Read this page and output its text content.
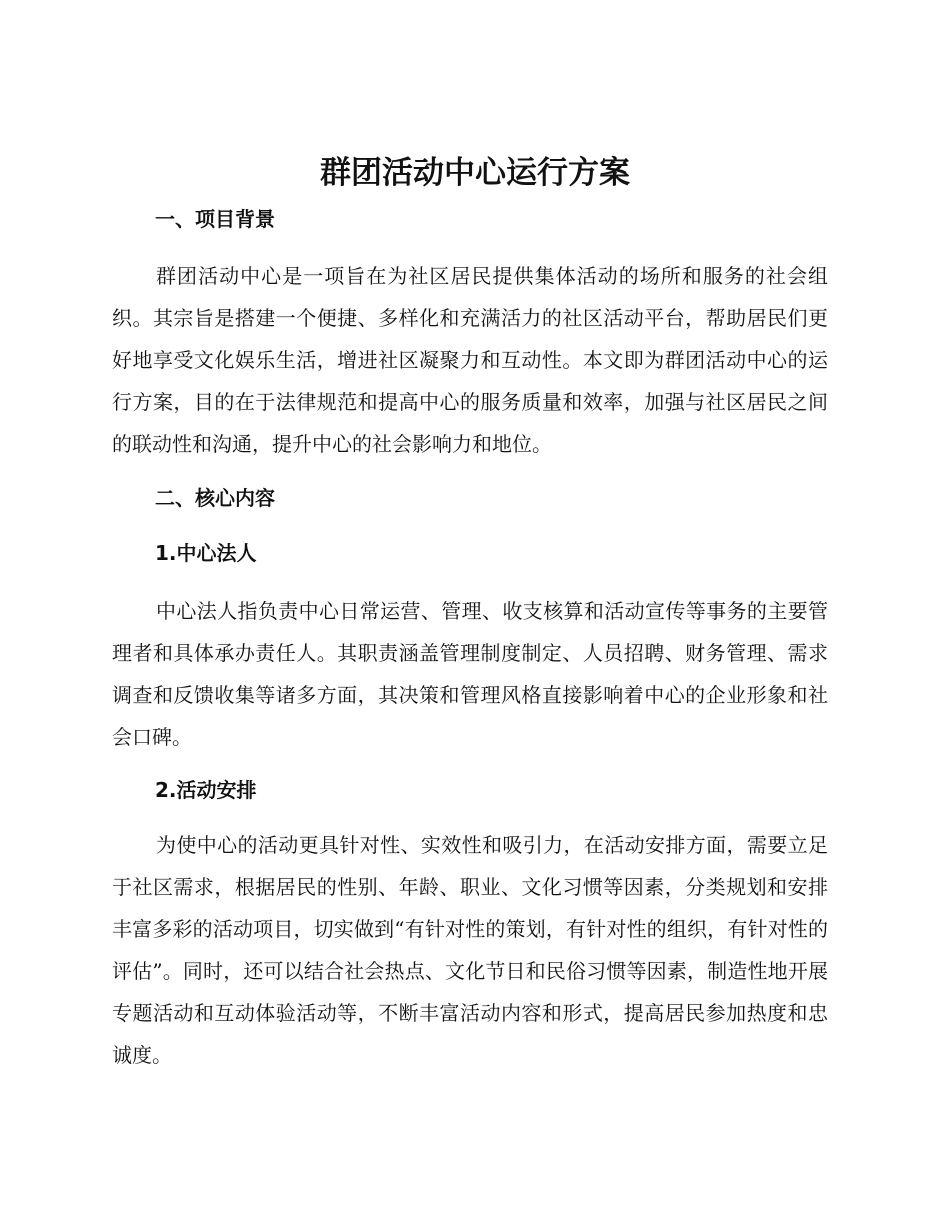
群团活动中心运行方案
一、项目背景

群团活动中心是一项旨在为社区居民提供集体活动的场所和服务的社会组织。其宗旨是搭建一个便捷、多样化和充满活力的社区活动平台，帮助居民们更好地享受文化娱乐生活，增进社区凝聚力和互动性。本文即为群团活动中心的运行方案，目的在于法律规范和提高中心的服务质量和效率，加强与社区居民之间的联动性和沟通，提升中心的社会影响力和地位。

二、核心内容
1.中心法人

中心法人指负责中心日常运营、管理、收支核算和活动宣传等事务的主要管理者和具体承办责任人。其职责涵盖管理制度制定、人员招聘、财务管理、需求调查和反馈收集等诸多方面，其决策和管理风格直接影响着中心的企业形象和社会口碑。

2.活动安排

为使中心的活动更具针对性、实效性和吸引力，在活动安排方面，需要立足于社区需求，根据居民的性别、年龄、职业、文化习惯等因素，分类规划和安排丰富多彩的活动项目，切实做到“有针对性的策划，有针对性的组织，有针对性的评估”。同时，还可以结合社会热点、文化节日和民俗习惯等因素，制造性地开展专题活动和互动体验活动等，不断丰富活动内容和形式，提高居民参加热度和忠诚度。
